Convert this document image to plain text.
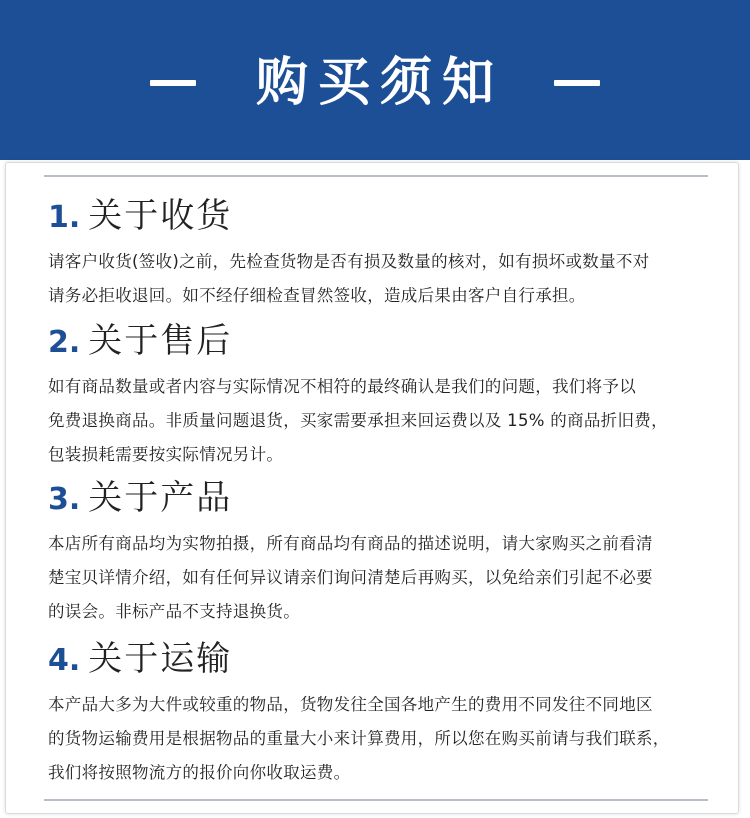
购买须知
1. 关于收货
请客户收货(签收)之前，先检查货物是否有损及数量的核对，如有损坏或数量不对
请务必拒收退回。如不经仔细检查冒然签收，造成后果由客户自行承担。
2. 关于售后
如有商品数量或者内容与实际情况不相符的最终确认是我们的问题，我们将予以
免费退换商品。非质量问题退货，买家需要承担来回运费以及 15% 的商品折旧费，
包装损耗需要按实际情况另计。
3. 关于产品
本店所有商品均为实物拍摄，所有商品均有商品的描述说明，请大家购买之前看清
楚宝贝详情介绍，如有任何异议请亲们询问清楚后再购买，以免给亲们引起不必要
的误会。非标产品不支持退换货。
4. 关于运输
本产品大多为大件或较重的物品，货物发往全国各地产生的费用不同发往不同地区
的货物运输费用是根据物品的重量大小来计算费用，所以您在购买前请与我们联系，
我们将按照物流方的报价向你收取运费。
